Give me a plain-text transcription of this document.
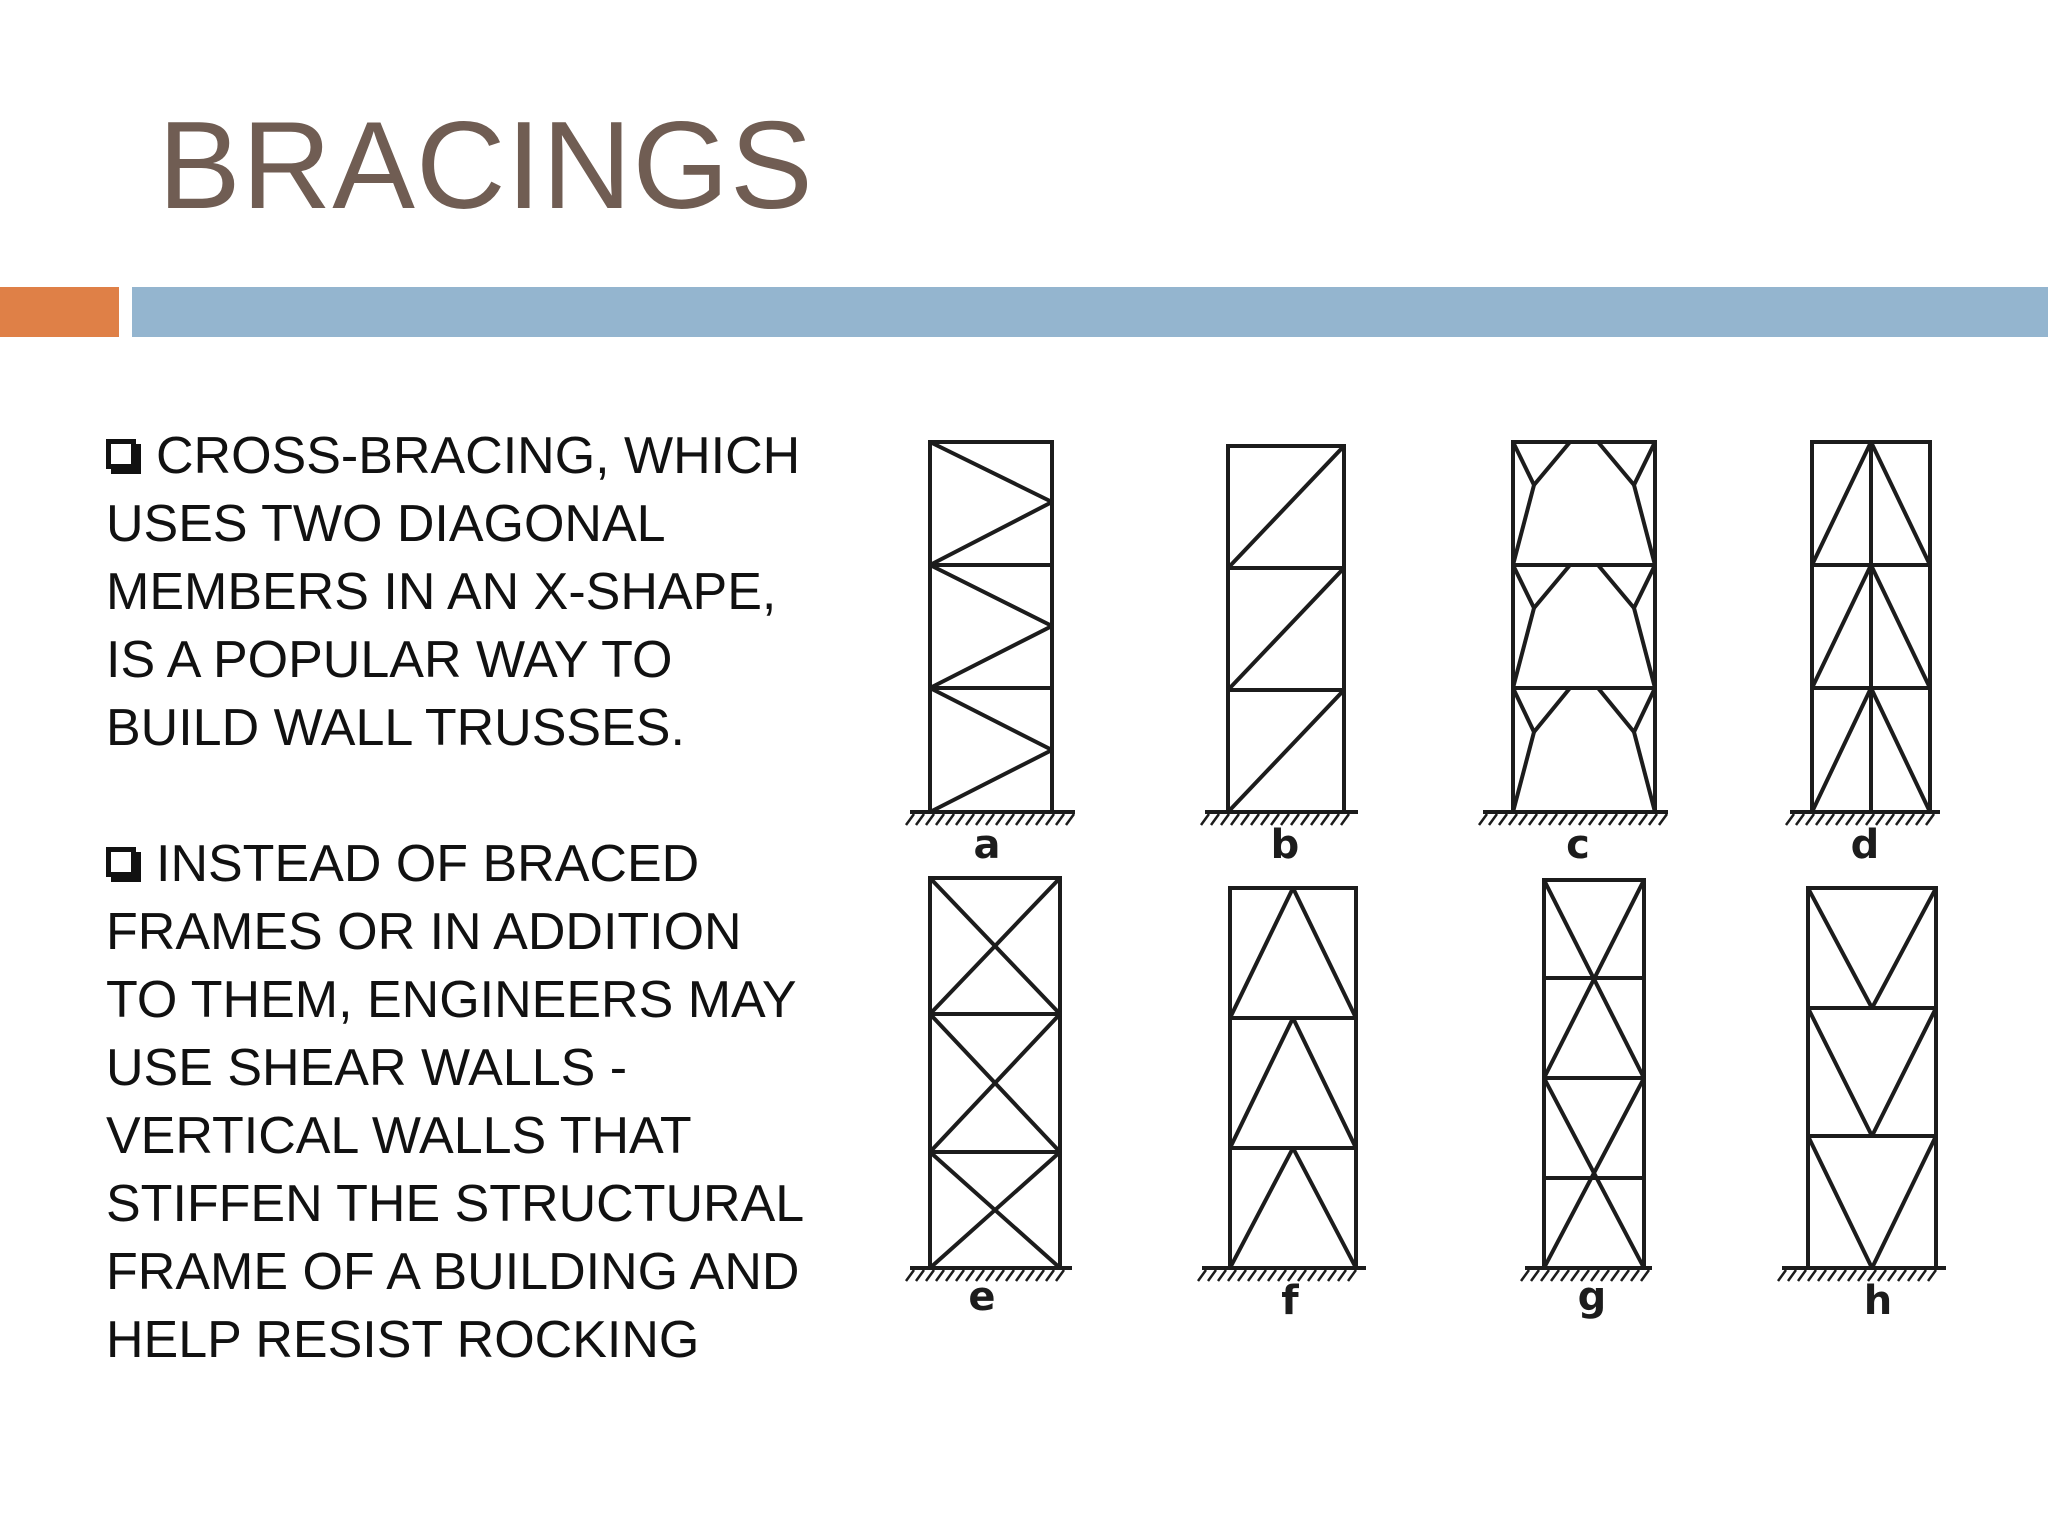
BRACINGS

CROSS-BRACING, WHICH USES TWO DIAGONAL MEMBERS IN AN X-SHAPE, IS A POPULAR WAY TO BUILD WALL TRUSSES.

INSTEAD OF BRACED FRAMES OR IN ADDITION TO THEM, ENGINEERS MAY USE SHEAR WALLS - VERTICAL WALLS THAT STIFFEN THE STRUCTURAL FRAME OF A BUILDING AND HELP RESIST ROCKING

a	b	c	d
e	f	g	h
